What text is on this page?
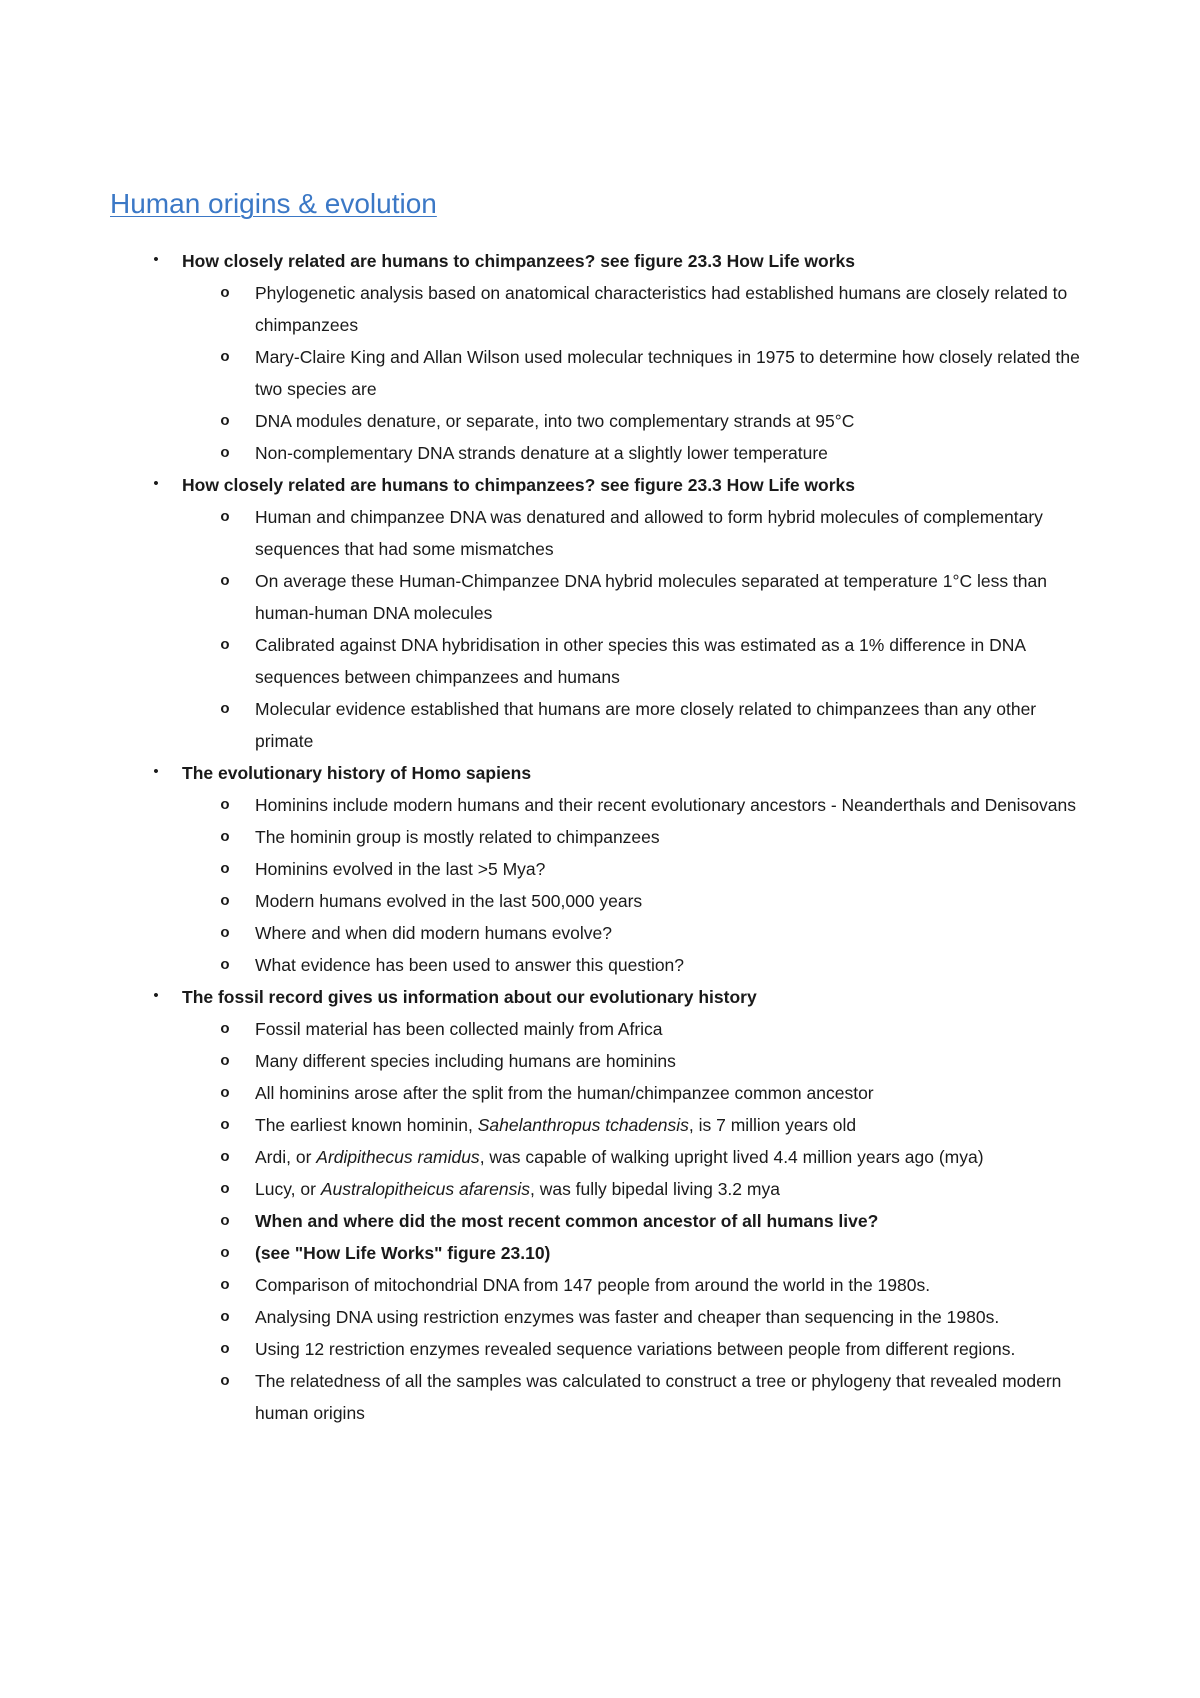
Human origins & evolution
• How closely related are humans to chimpanzees? see figure 23.3 How Life works
o Phylogenetic analysis based on anatomical characteristics had established humans are closely related to chimpanzees
o Mary-Claire King and Allan Wilson used molecular techniques in 1975 to determine how closely related the two species are
o DNA modules denature, or separate, into two complementary strands at 95°C
o Non-complementary DNA strands denature at a slightly lower temperature
• How closely related are humans to chimpanzees? see figure 23.3 How Life works
o Human and chimpanzee DNA was denatured and allowed to form hybrid molecules of complementary sequences that had some mismatches
o On average these Human-Chimpanzee DNA hybrid molecules separated at temperature 1°C less than human-human DNA molecules
o Calibrated against DNA hybridisation in other species this was estimated as a 1% difference in DNA sequences between chimpanzees and humans
o Molecular evidence established that humans are more closely related to chimpanzees than any other primate
• The evolutionary history of Homo sapiens
o Hominins include modern humans and their recent evolutionary ancestors - Neanderthals and Denisovans
o The hominin group is mostly related to chimpanzees
o Hominins evolved in the last >5 Mya?
o Modern humans evolved in the last 500,000 years
o Where and when did modern humans evolve?
o What evidence has been used to answer this question?
• The fossil record gives us information about our evolutionary history
o Fossil material has been collected mainly from Africa
o Many different species including humans are hominins
o All hominins arose after the split from the human/chimpanzee common ancestor
o The earliest known hominin, Sahelanthropus tchadensis, is 7 million years old
o Ardi, or Ardipithecus ramidus, was capable of walking upright lived 4.4 million years ago (mya)
o Lucy, or Australopitheicus afarensis, was fully bipedal living 3.2 mya
o When and where did the most recent common ancestor of all humans live?
o (see "How Life Works" figure 23.10)
o Comparison of mitochondrial DNA from 147 people from around the world in the 1980s.
o Analysing DNA using restriction enzymes was faster and cheaper than sequencing in the 1980s.
o Using 12 restriction enzymes revealed sequence variations between people from different regions.
o The relatedness of all the samples was calculated to construct a tree or phylogeny that revealed modern human origins
